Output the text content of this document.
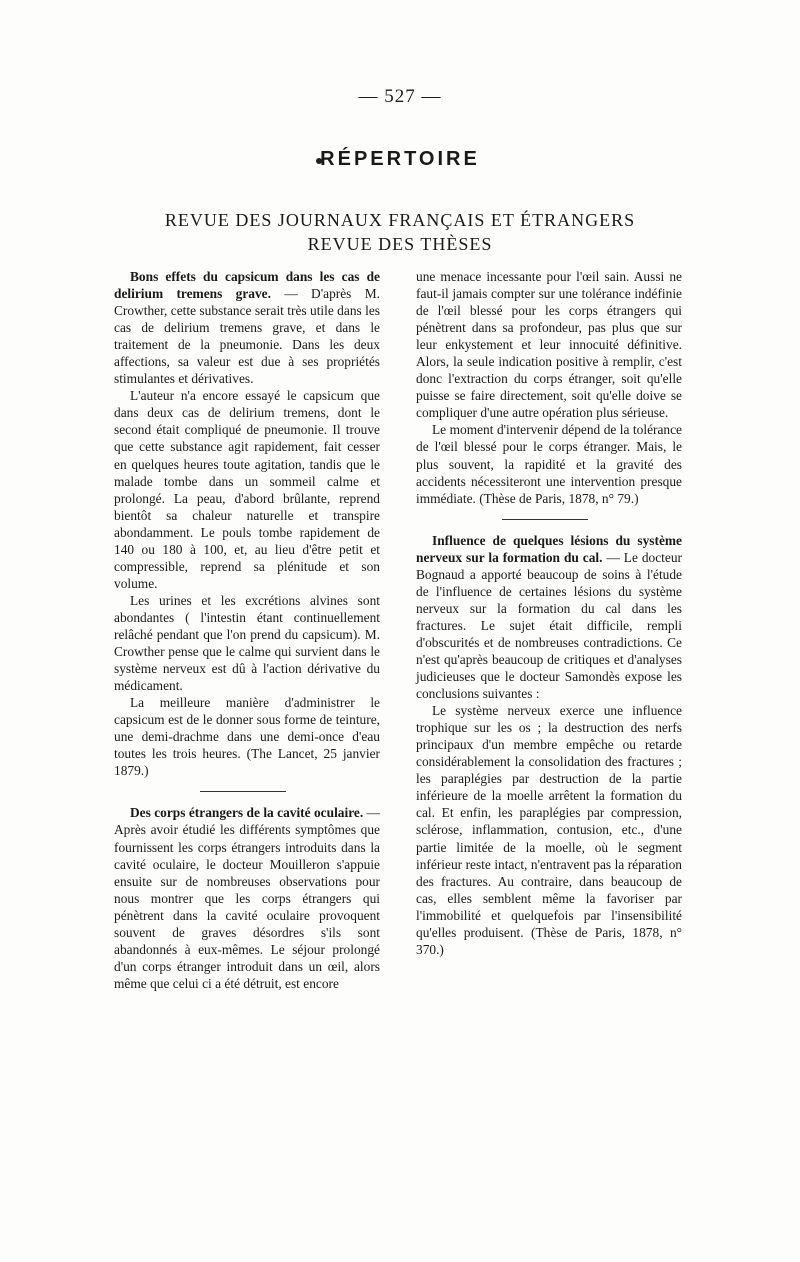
— 527 —
RÉPERTOIRE
REVUE DES JOURNAUX FRANÇAIS ET ÉTRANGERS
REVUE DES THÈSES

Bons effets du capsicum dans les cas de delirium tremens grave. — D'après M. Crowther, cette substance serait très utile dans les cas de delirium tremens grave, et dans le traitement de la pneumonie. Dans les deux affections, sa valeur est due à ses propriétés stimulantes et dérivatives.

L'auteur n'a encore essayé le capsicum que dans deux cas de delirium tremens, dont le second était compliqué de pneumonie. Il trouve que cette substance agit rapidement, fait cesser en quelques heures toute agitation, tandis que le malade tombe dans un sommeil calme et prolongé. La peau, d'abord brûlante, reprend bientôt sa chaleur naturelle et transpire abondamment. Le pouls tombe rapidement de 140 ou 180 à 100, et, au lieu d'être petit et compressible, reprend sa plénitude et son volume.

Les urines et les excrétions alvines sont abondantes ( l'intestin étant continuellement relâché pendant que l'on prend du capsicum). M. Crowther pense que le calme qui survient dans le système nerveux est dû à l'action dérivative du médicament.

La meilleure manière d'administrer le capsicum est de le donner sous forme de teinture, une demi-drachme dans une demi-once d'eau toutes les trois heures. (The Lancet, 25 janvier 1879.)

Des corps étrangers de la cavité oculaire. — Après avoir étudié les différents symptômes que fournissent les corps étrangers introduits dans la cavité oculaire, le docteur Mouilleron s'appuie ensuite sur de nombreuses observations pour nous montrer que les corps étrangers qui pénètrent dans la cavité oculaire provoquent souvent de graves désordres s'ils sont abandonnés à eux-mêmes. Le séjour prolongé d'un corps étranger introduit dans un œil, alors même que celui ci a été détruit, est encore

une menace incessante pour l'œil sain. Aussi ne faut-il jamais compter sur une tolérance indéfinie de l'œil blessé pour les corps étrangers qui pénètrent dans sa profondeur, pas plus que sur leur enkystement et leur innocuité définitive. Alors, la seule indication positive à remplir, c'est donc l'extraction du corps étranger, soit qu'elle puisse se faire directement, soit qu'elle doive se compliquer d'une autre opération plus sérieuse.

Le moment d'intervenir dépend de la tolérance de l'œil blessé pour le corps étranger. Mais, le plus souvent, la rapidité et la gravité des accidents nécessiteront une intervention presque immédiate. (Thèse de Paris, 1878, n° 79.)

Influence de quelques lésions du système nerveux sur la formation du cal. — Le docteur Bognaud a apporté beaucoup de soins à l'étude de l'influence de certaines lésions du système nerveux sur la formation du cal dans les fractures. Le sujet était difficile, rempli d'obscurités et de nombreuses contradictions. Ce n'est qu'après beaucoup de critiques et d'analyses judicieuses que le docteur Samondès expose les conclusions suivantes :

Le système nerveux exerce une influence trophique sur les os ; la destruction des nerfs principaux d'un membre empêche ou retarde considérablement la consolidation des fractures ; les paraplégies par destruction de la partie inférieure de la moelle arrêtent la formation du cal. Et enfin, les paraplégies par compression, sclérose, inflammation, contusion, etc., d'une partie limitée de la moelle, où le segment inférieur reste intact, n'entravent pas la réparation des fractures. Au contraire, dans beaucoup de cas, elles semblent même la favoriser par l'immobilité et quelquefois par l'insensibilité qu'elles produisent. (Thèse de Paris, 1878, n° 370.)
